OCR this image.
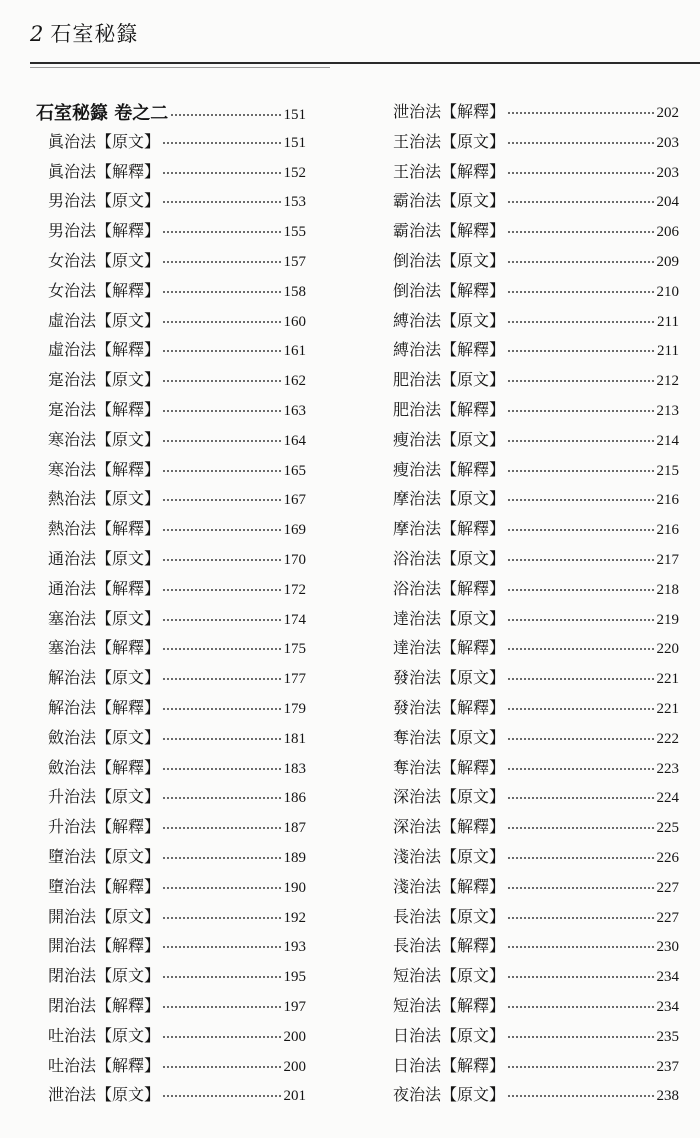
2 石室秘籙
石室秘籙 卷之二	151
眞治法【原文】	151
眞治法【解釋】	152
男治法【原文】	153
男治法【解釋】	155
女治法【原文】	157
女治法【解釋】	158
虛治法【原文】	160
虛治法【解釋】	161
寔治法【原文】	162
寔治法【解釋】	163
寒治法【原文】	164
寒治法【解釋】	165
熱治法【原文】	167
熱治法【解釋】	169
通治法【原文】	170
通治法【解釋】	172
塞治法【原文】	174
塞治法【解釋】	175
解治法【原文】	177
解治法【解釋】	179
斂治法【原文】	181
斂治法【解釋】	183
升治法【原文】	186
升治法【解釋】	187
墮治法【原文】	189
墮治法【解釋】	190
開治法【原文】	192
開治法【解釋】	193
閉治法【原文】	195
閉治法【解釋】	197
吐治法【原文】	200
吐治法【解釋】	200
泄治法【原文】	201
泄治法【解釋】	202
王治法【原文】	203
王治法【解釋】	203
霸治法【原文】	204
霸治法【解釋】	206
倒治法【原文】	209
倒治法【解釋】	210
縛治法【原文】	211
縛治法【解釋】	211
肥治法【原文】	212
肥治法【解釋】	213
瘦治法【原文】	214
瘦治法【解釋】	215
摩治法【原文】	216
摩治法【解釋】	216
浴治法【原文】	217
浴治法【解釋】	218
達治法【原文】	219
達治法【解釋】	220
發治法【原文】	221
發治法【解釋】	221
奪治法【原文】	222
奪治法【解釋】	223
深治法【原文】	224
深治法【解釋】	225
淺治法【原文】	226
淺治法【解釋】	227
長治法【原文】	227
長治法【解釋】	230
短治法【原文】	234
短治法【解釋】	234
日治法【原文】	235
日治法【解釋】	237
夜治法【原文】	238
